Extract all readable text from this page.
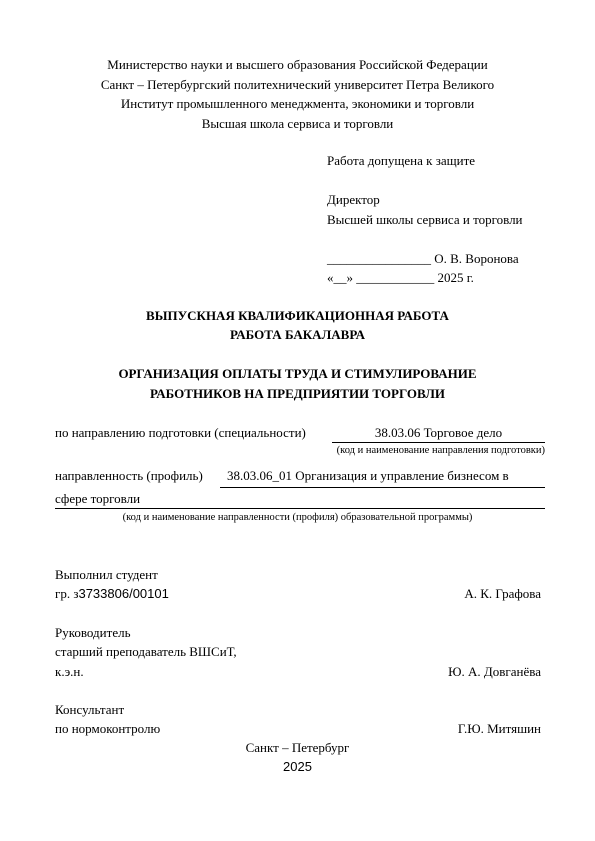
Министерство науки и высшего образования Российской Федерации
Санкт – Петербургский политехнический университет Петра Великого
Институт промышленного менеджмента, экономики и торговли
Высшая школа сервиса и торговли
Работа допущена к защите
Директор
Высшей школы сервиса и торговли
________________ О. В. Воронова
«__» ____________ 2025 г.
ВЫПУСКНАЯ КВАЛИФИКАЦИОННАЯ РАБОТА
РАБОТА БАКАЛАВРА
ОРГАНИЗАЦИЯ ОПЛАТЫ ТРУДА И СТИМУЛИРОВАНИЕ
РАБОТНИКОВ НА ПРЕДПРИЯТИИ ТОРГОВЛИ
по направлению подготовки (специальности)	38.03.06 Торговое дело
(код и наименование направления подготовки)
направленность (профиль) 38.03.06_01 Организация и управление бизнесом в
сфере торговли
(код и наименование направленности (профиля) образовательной программы)
Выполнил студент
гр. з3733806/00101	А. К. Графова
Руководитель
старший преподаватель ВШСиТ,
к.э.н.	Ю. А. Довганёва
Консультант
по нормоконтролю	Г.Ю. Митяшин
Санкт – Петербург
2025
